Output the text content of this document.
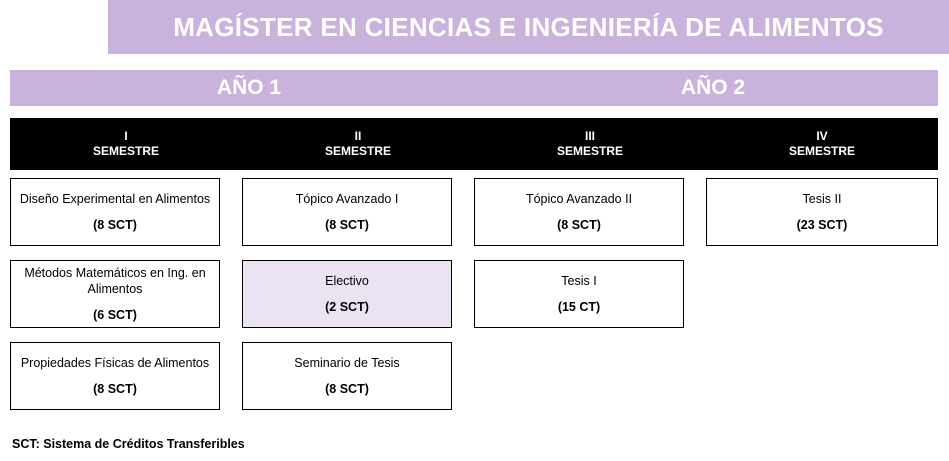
MAGÍSTER EN CIENCIAS E INGENIERÍA DE ALIMENTOS
AÑO 1	AÑO 2
I
SEMESTRE
II
SEMESTRE
III
SEMESTRE
IV
SEMESTRE
Diseño Experimental en Alimentos
(8 SCT)
Métodos Matemáticos en Ing. en Alimentos
(6 SCT)
Propiedades Físicas de Alimentos
(8 SCT)
Tópico Avanzado I
(8 SCT)
Electivo
(2 SCT)
Seminario de Tesis
(8 SCT)
Tópico Avanzado II
(8 SCT)
Tesis I
(15 CT)
Tesis II
(23 SCT)
SCT: Sistema de Créditos Transferibles
